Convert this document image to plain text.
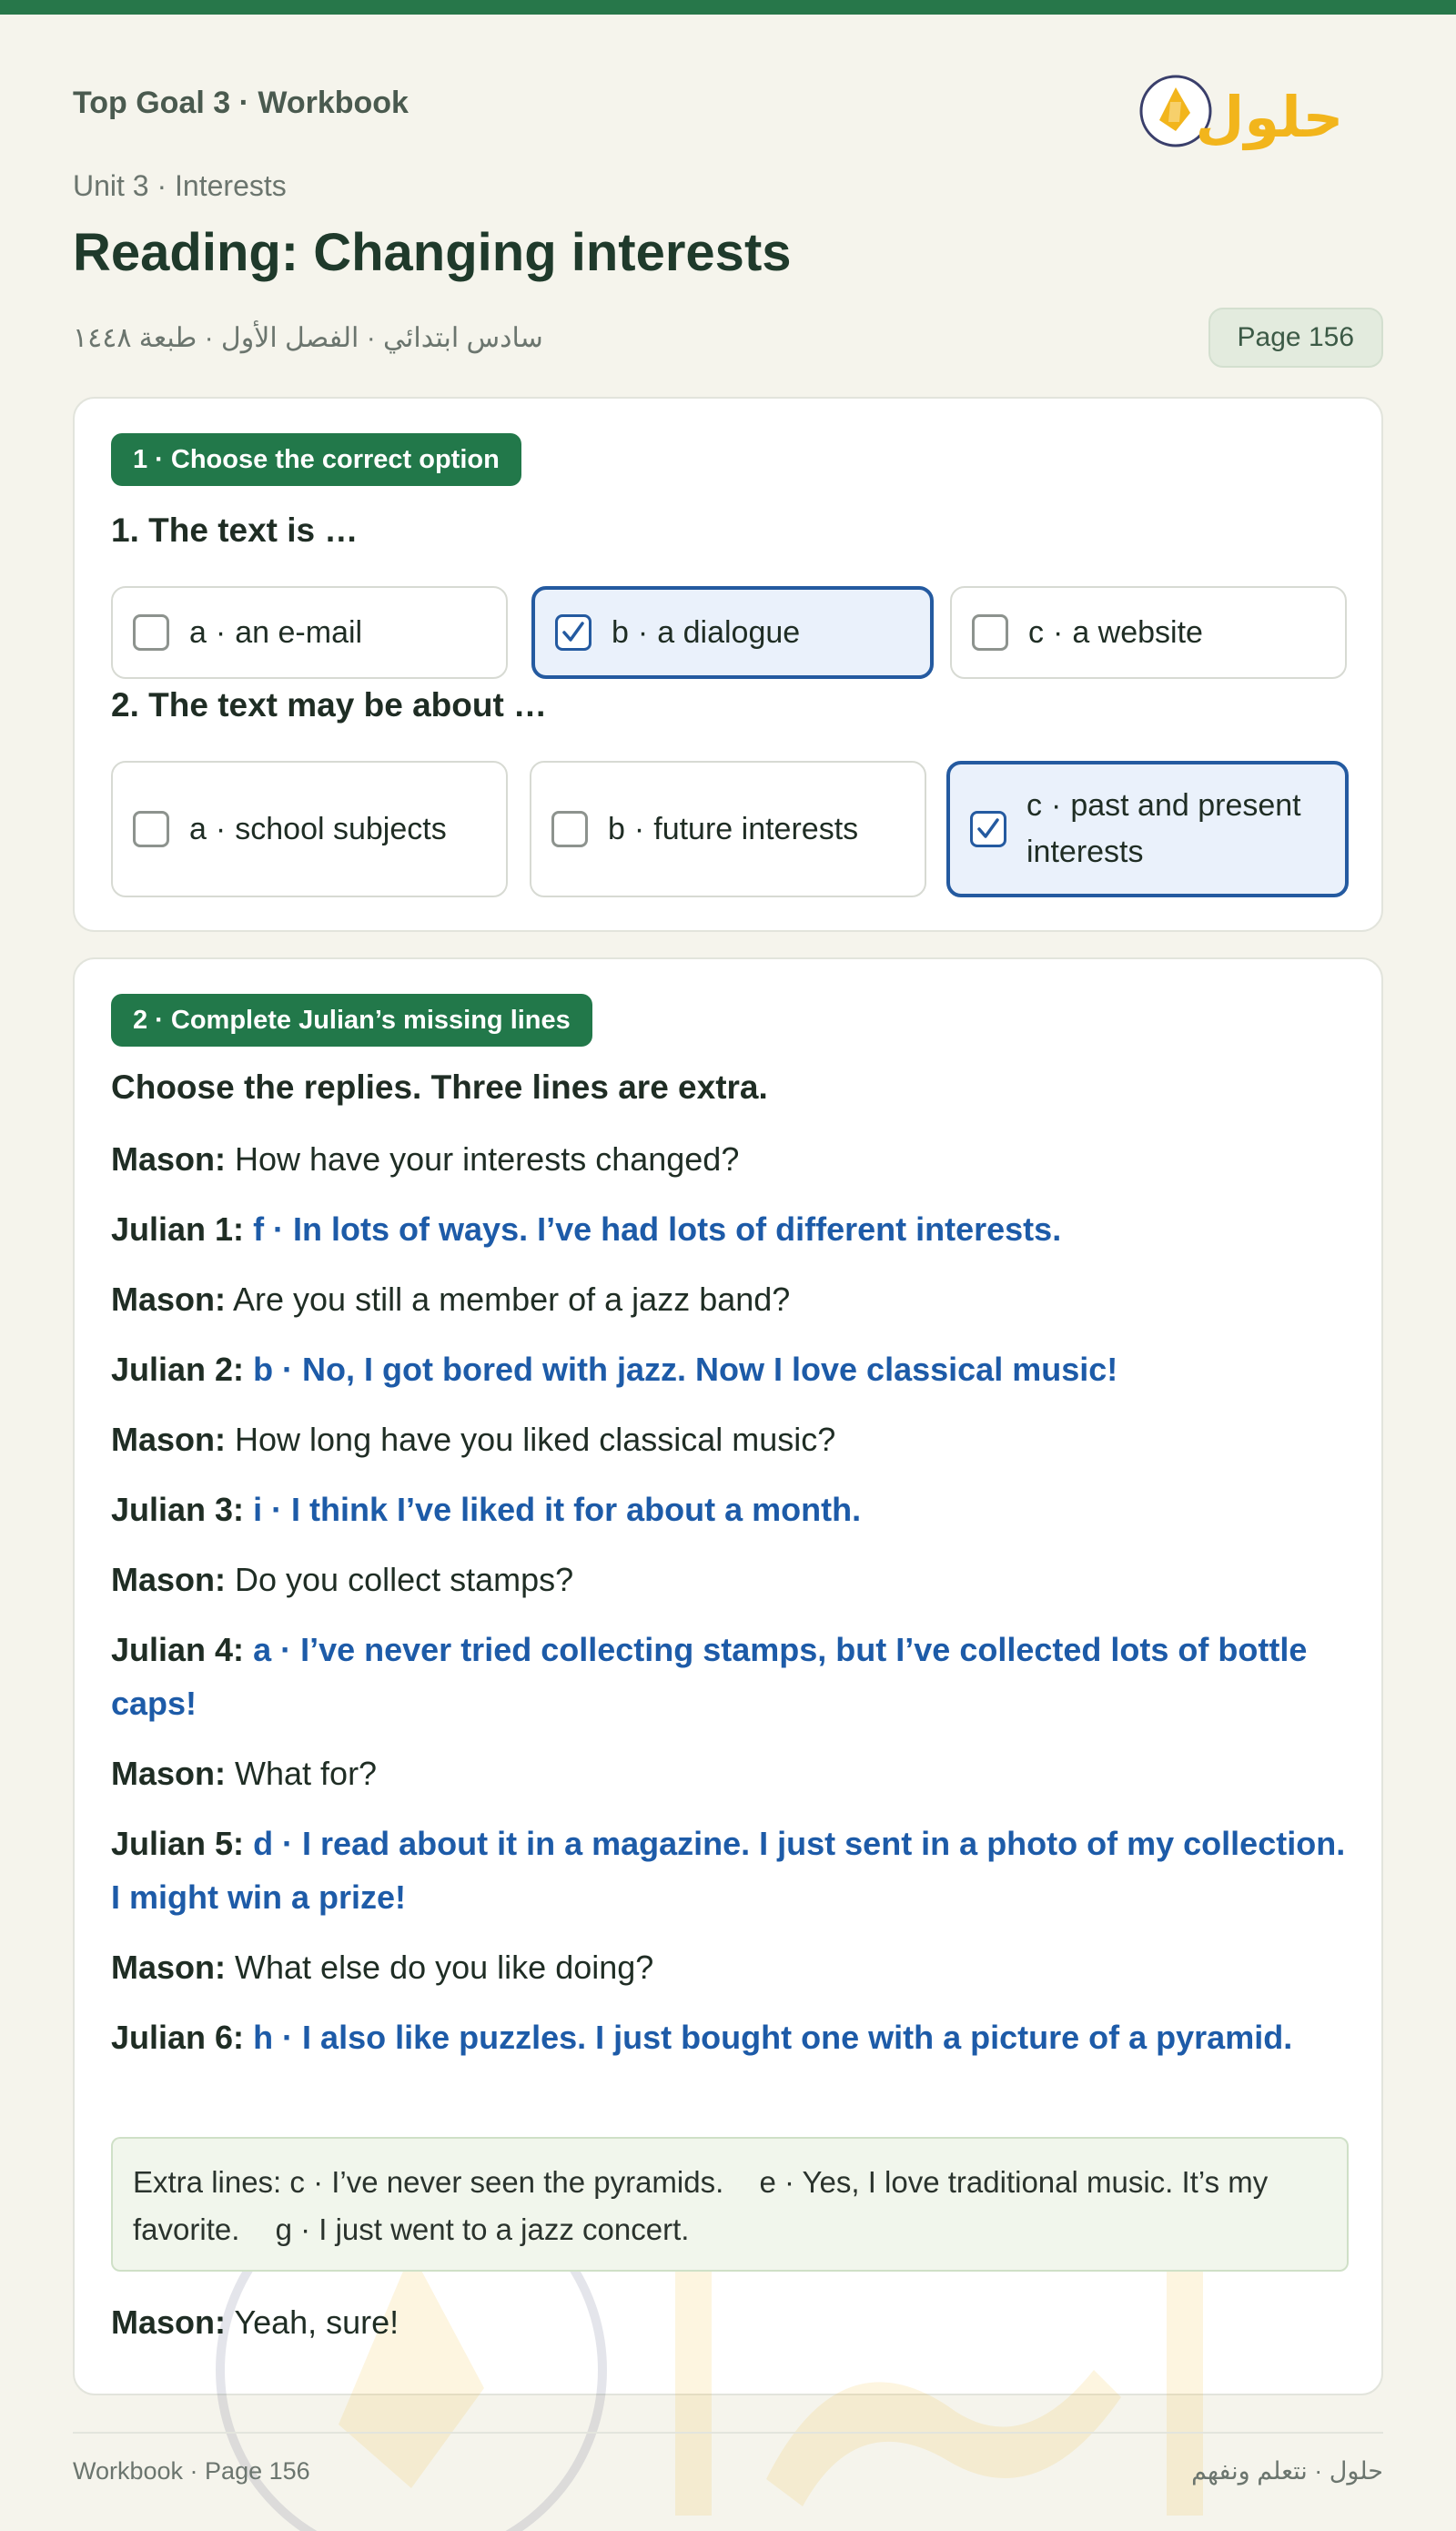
Top Goal 3 · Workbook	حلول
Unit 3 · Interests
Reading: Changing interests
سادس ابتدائي · الفصل الأول · طبعة ١٤٤٨	Page 156
1 · Choose the correct option
1. The text is …
a · an e-mail	b · a dialogue	c · a website
2. The text may be about …
a · school subjects	b · future interests
c · past and present interests
2 · Complete Julian’s missing lines
Choose the replies. Three lines are extra.
Mason: How have your interests changed?
Julian 1: f · In lots of ways. I’ve had lots of different interests.
Mason: Are you still a member of a jazz band?
Julian 2: b · No, I got bored with jazz. Now I love classical music!
Mason: How long have you liked classical music?
Julian 3: i · I think I’ve liked it for about a month.
Mason: Do you collect stamps?
Julian 4: a · I’ve never tried collecting stamps, but I’ve collected lots of bottle caps!
Mason: What for?
Julian 5: d · I read about it in a magazine. I just sent in a photo of my collection. I might win a prize!
Mason: What else do you like doing?
Julian 6: h · I also like puzzles. I just bought one with a picture of a pyramid.
Extra lines: c · I’ve never seen the pyramids. e · Yes, I love traditional music. It’s my favorite. g · I just went to a jazz concert.
Mason: Yeah, sure!
Workbook · Page 156	حلول · نتعلم ونفهم
